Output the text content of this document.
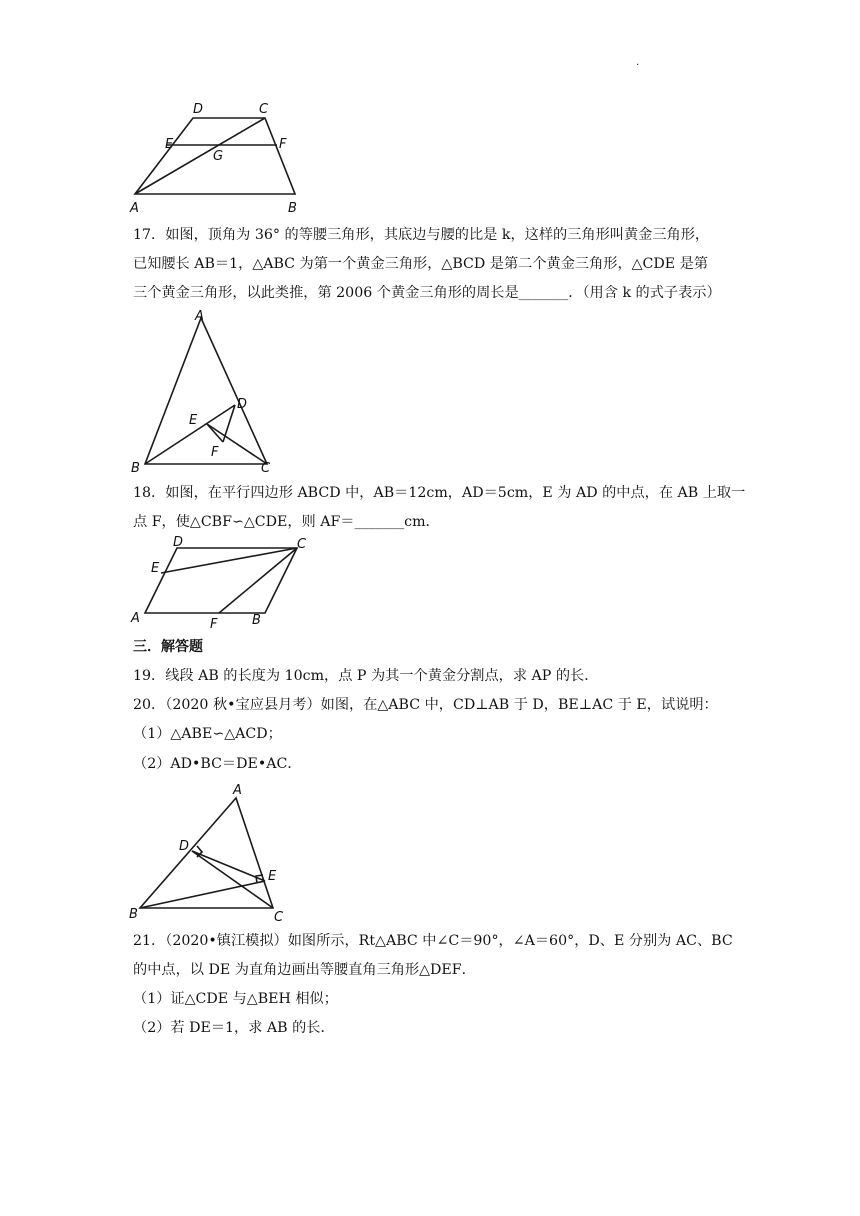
.
D	C
E
G
F
A	B
17．如图，顶角为 36° 的等腰三角形，其底边与腰的比是 k，这样的三角形叫黄金三角形，
已知腰长 AB＝1，△ABC 为第一个黄金三角形，△BCD 是第二个黄金三角形，△CDE 是第
三个黄金三角形，以此类推，第 2006 个黄金三角形的周长是_______．（用含 k 的式子表示）
A
D
E
F
B	C
18．如图，在平行四边形 ABCD 中，AB＝12cm，AD＝5cm，E 为 AD 的中点，在 AB 上取一
点 F，使△CBF∽△CDE，则 AF＝_______cm．
D	C
E
A	F	B
三．解答题
19．线段 AB 的长度为 10cm，点 P 为其一个黄金分割点，求 AP 的长．
20．（2020 秋•宝应县月考）如图，在△ABC 中，CD⊥AB 于 D，BE⊥AC 于 E，试说明：
（1）△ABE∽△ACD；
（2）AD•BC＝DE•AC．
A
D
E
B	C
21．（2020•镇江模拟）如图所示，Rt△ABC 中∠C＝90°，∠A＝60°，D、E 分别为 AC、BC
的中点，以 DE 为直角边画出等腰直角三角形△DEF．
（1）证△CDE 与△BEH 相似；
（2）若 DE＝1，求 AB 的长．
